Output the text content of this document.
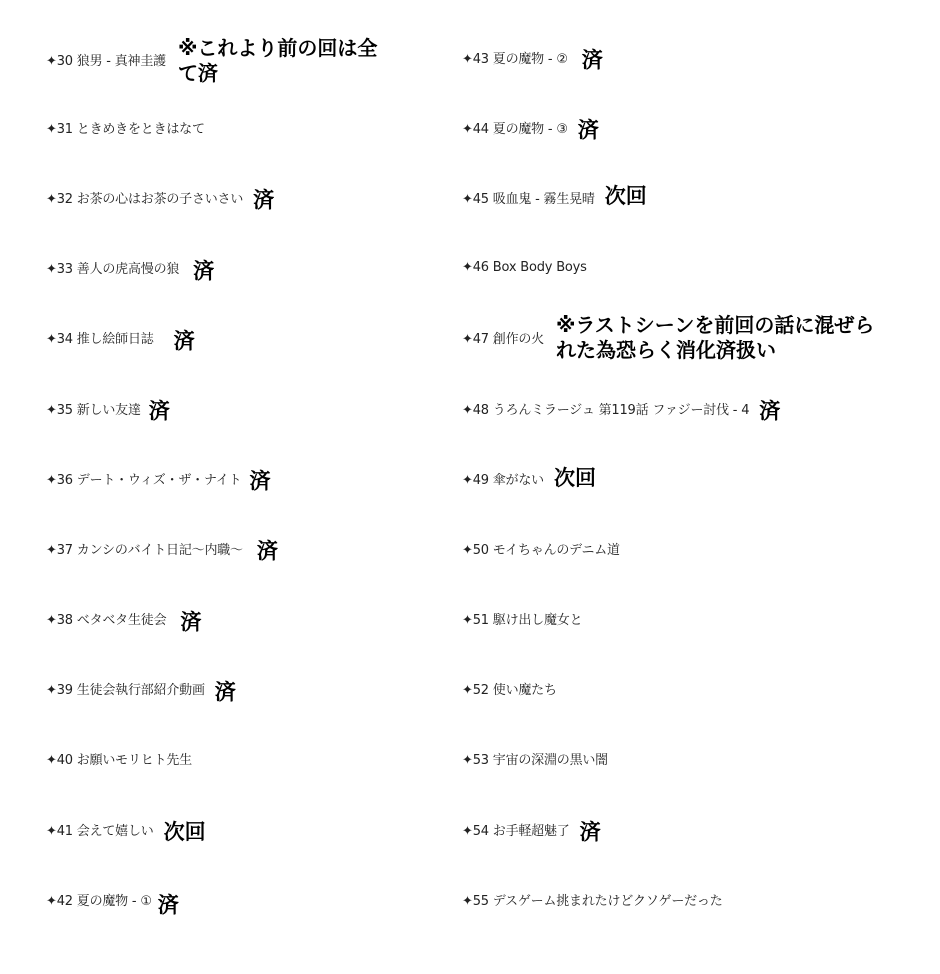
✦30 狼男 - 真神圭護
※これより前の回は全て済
✦31 ときめきをときはなて
✦32 お茶の心はお茶の子さいさい 済
✦33 善人の虎高慢の狼 済
✦34 推し絵師日誌 済
✦35 新しい友達 済
✦36 デート・ウィズ・ザ・ナイト 済
✦37 カンシのバイト日記～内職～ 済
✦38 ベタベタ生徒会 済
✦39 生徒会執行部紹介動画 済
✦40 お願いモリヒト先生
✦41 会えて嬉しい 次回
✦42 夏の魔物 - ① 済
✦43 夏の魔物 - ② 済
✦44 夏の魔物 - ③ 済
✦45 吸血鬼 - 霧生晃晴 次回
✦46 Box Body Boys
✦47 創作の火
※ラストシーンを前回の話に混ぜられた為恐らく消化済扱い
✦48 うろんミラージュ 第119話 ファジー討伐 - 4 済
✦49 傘がない 次回
✦50 モイちゃんのデニム道
✦51 駆け出し魔女と
✦52 使い魔たち
✦53 宇宙の深淵の黒い闇
✦54 お手軽超魅了 済
✦55 デスゲーム挑まれたけどクソゲーだった
